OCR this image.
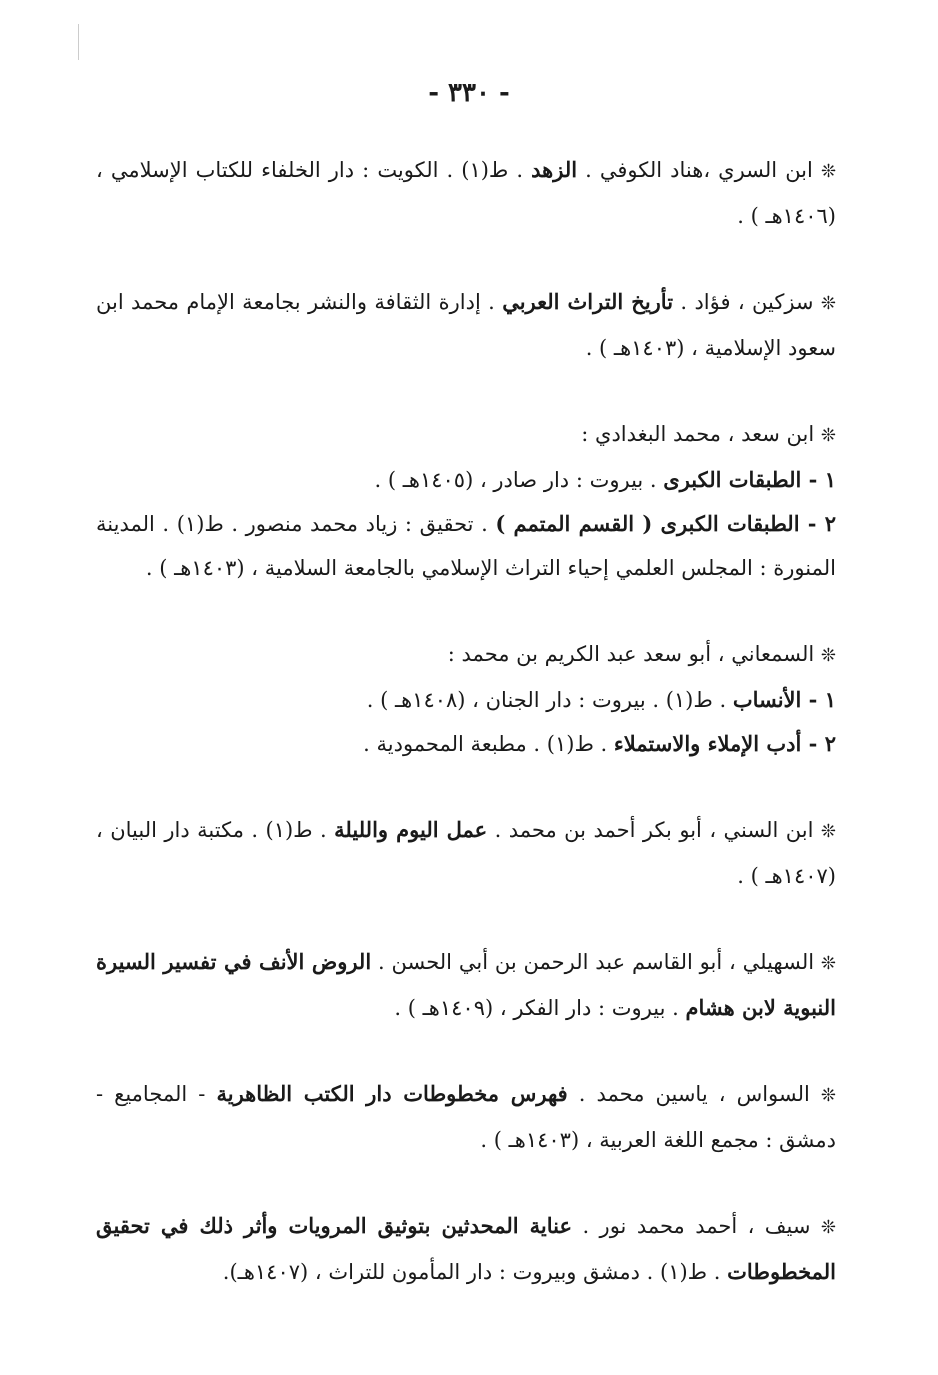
- ٣٣٠ -

❊ ابن السري ،هناد الكوفي . الزهد . ط(١) . الكويت : دار الخلفاء للكتاب الإسلامي ، (١٤٠٦هـ ) .

❊ سزكين ، فؤاد . تأريخ التراث العربي . إدارة الثقافة والنشر بجامعة الإمام محمد ابن سعود الإسلامية ، (١٤٠٣هـ ) .

❊ ابن سعد ، محمد البغدادي :

١ - الطبقات الكبرى . بيروت : دار صادر ، (١٤٠٥هـ ) .

٢ - الطبقات الكبرى ( القسم المتمم ) . تحقيق : زياد محمد منصور . ط(١) . المدينة المنورة : المجلس العلمي إحياء التراث الإسلامي بالجامعة السلامية ، (١٤٠٣هـ ) .

❊ السمعاني ، أبو سعد عبد الكريم بن محمد :

١ - الأنساب . ط(١) . بيروت : دار الجنان ، (١٤٠٨هـ ) .

٢ - أدب الإملاء والاستملاء . ط(١) . مطبعة المحمودية .

❊ ابن السني ، أبو بكر أحمد بن محمد . عمل اليوم والليلة . ط(١) . مكتبة دار البيان ، (١٤٠٧هـ ) .

❊ السهيلي ، أبو القاسم عبد الرحمن بن أبي الحسن . الروض الأنف في تفسير السيرة النبوية لابن هشام . بيروت : دار الفكر ، (١٤٠٩هـ ) .

❊ السواس ، ياسين محمد . فهرس مخطوطات دار الكتب الظاهرية - المجاميع - دمشق : مجمع اللغة العربية ، (١٤٠٣هـ ) .

❊ سيف ، أحمد محمد نور . عناية المحدثين بتوثيق المرويات وأثر ذلك في تحقيق المخطوطات . ط(١) . دمشق وبيروت : دار المأمون للتراث ، (١٤٠٧هـ).
